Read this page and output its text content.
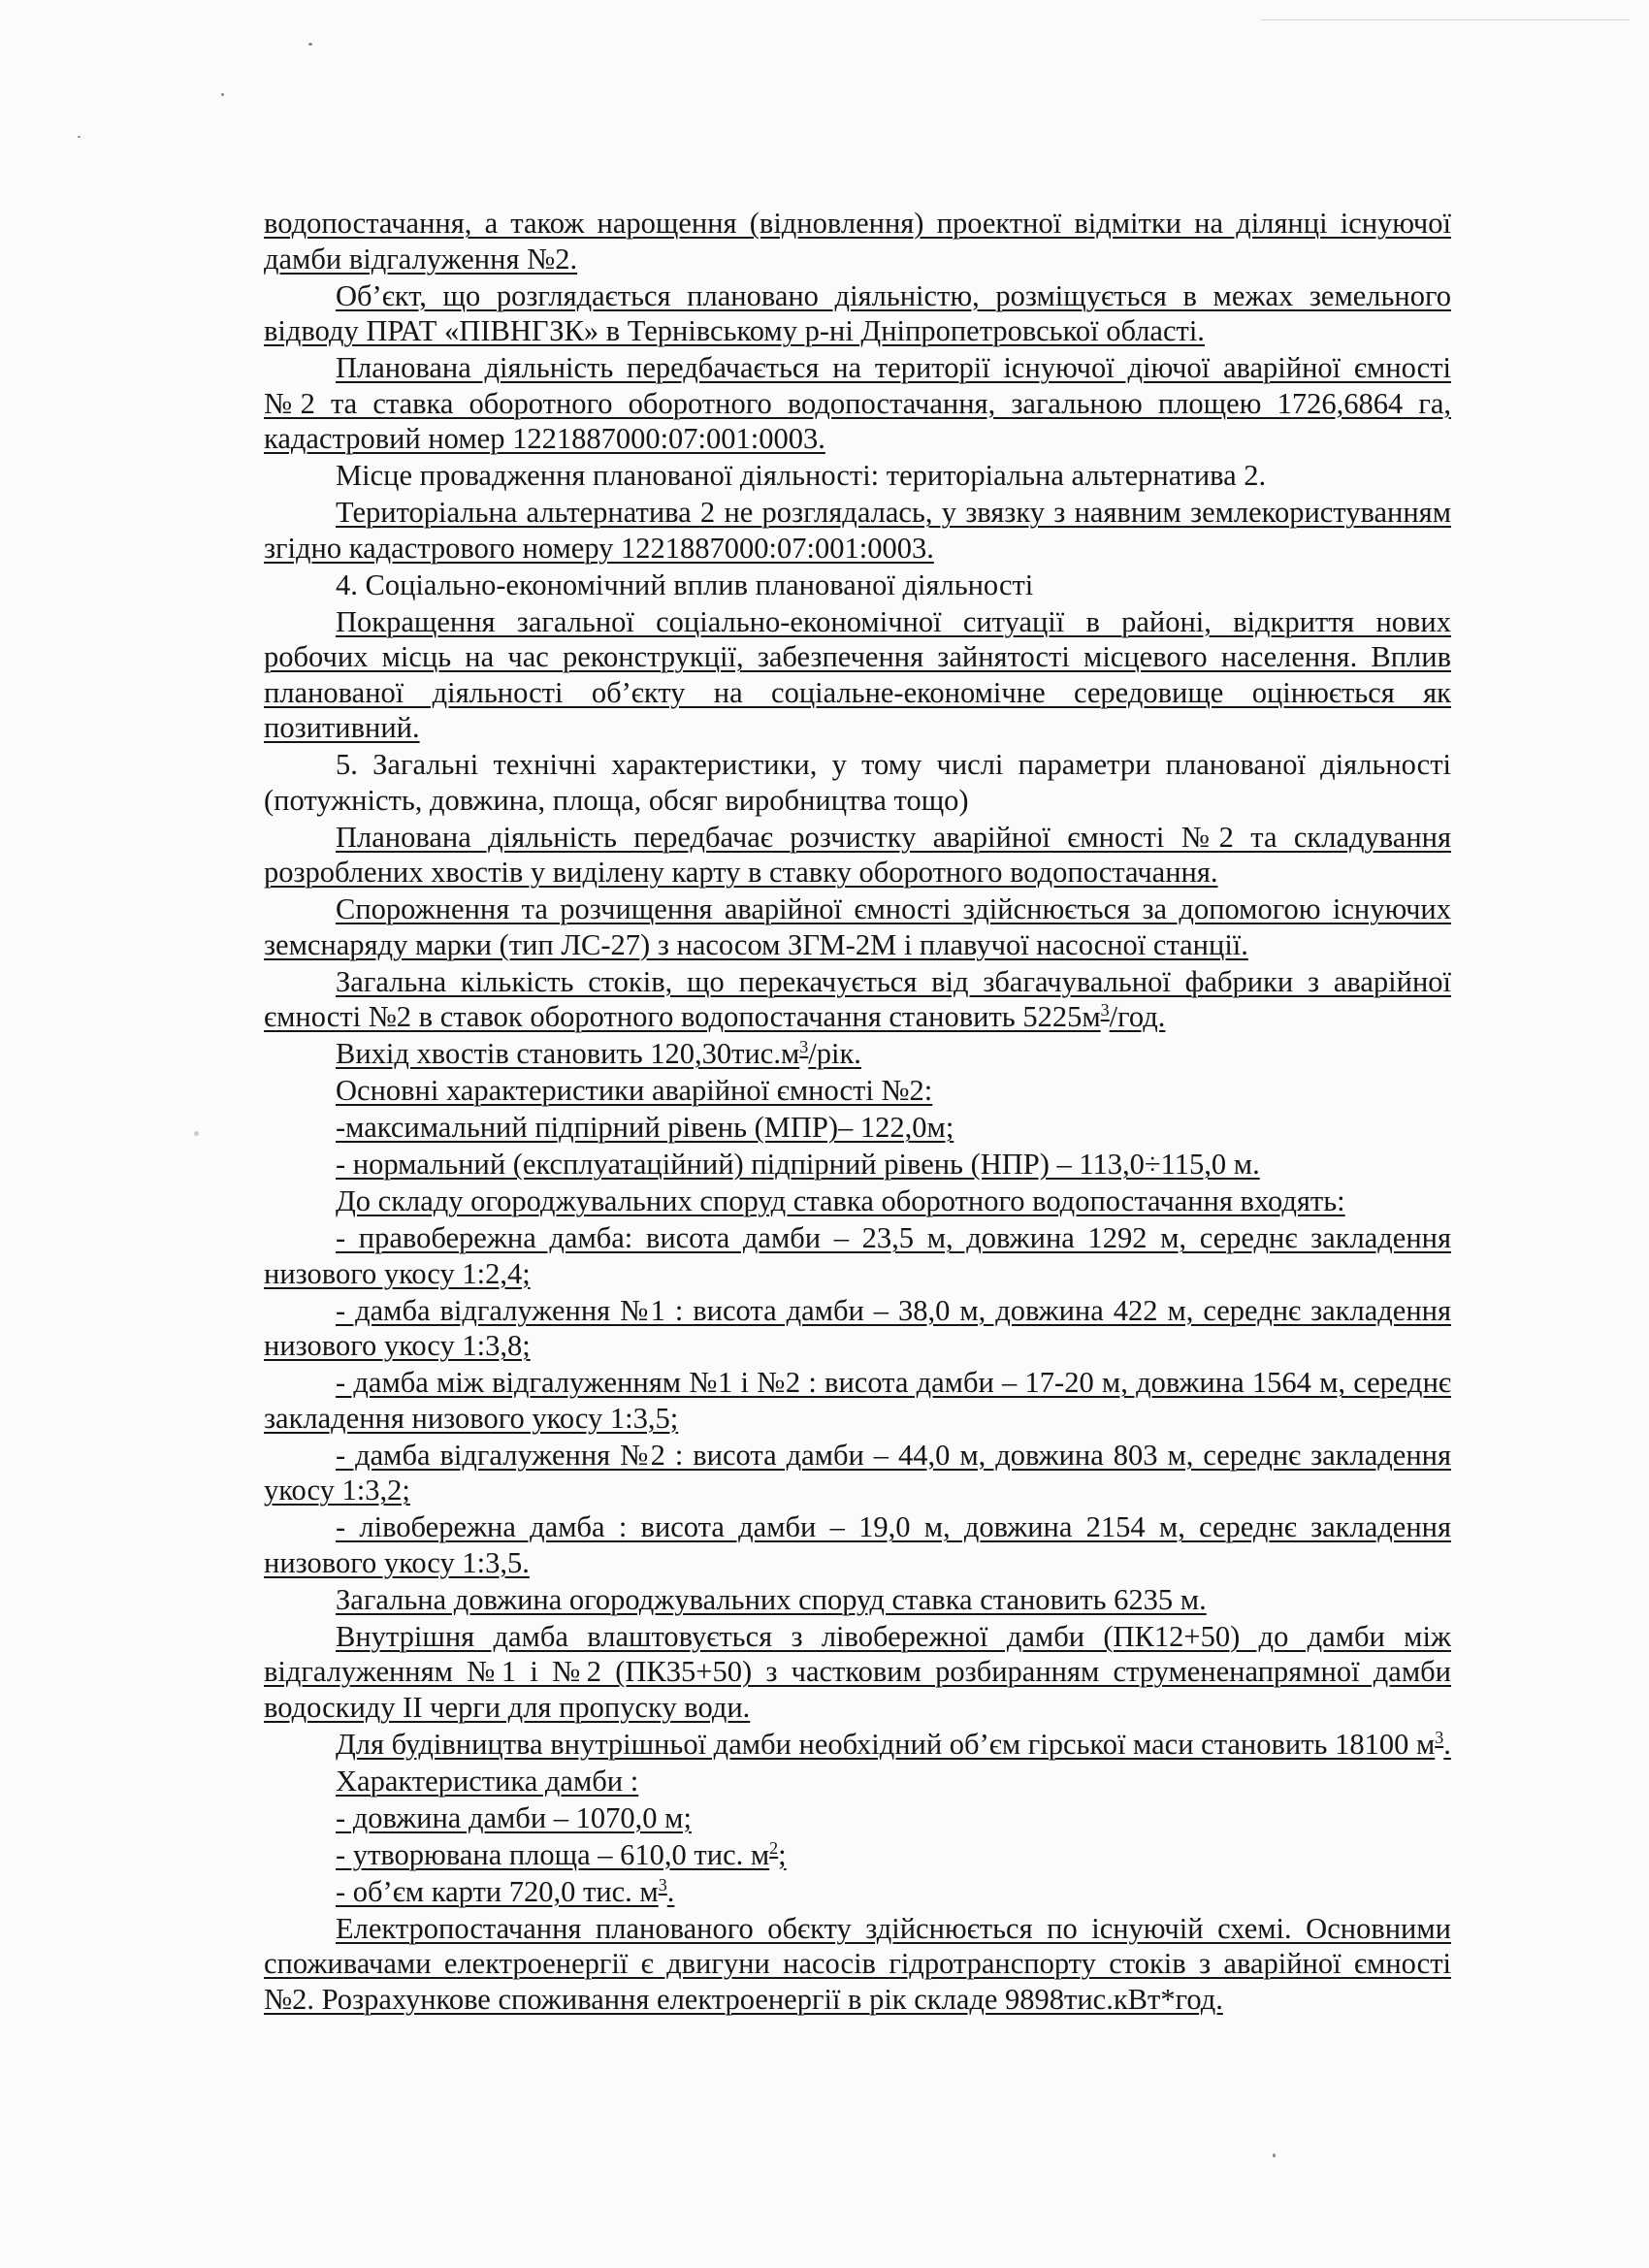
водопостачання, а також нарощення (відновлення) проектної відмітки на ділянці існуючої дамби відгалуження №2.
Об’єкт, що розглядається плановано діяльністю, розміщується в межах земельного відводу ПРАТ «ПІВНГЗК» в Тернівському р-ні Дніпропетровської області.
Планована діяльність передбачається на території існуючої діючої аварійної ємності №2 та ставка оборотного оборотного водопостачання, загальною площею 1726,6864 га, кадастровий номер 1221887000:07:001:0003.
Місце провадження планованої діяльності: територіальна альтернатива 2.
Територіальна альтернатива 2 не розглядалась, у звязку з наявним землекористуванням згідно кадастрового номеру 1221887000:07:001:0003.
4. Соціально-економічний вплив планованої діяльності
Покращення загальної соціально-економічної ситуації в районі, відкриття нових робочих місць на час реконструкції, забезпечення зайнятості місцевого населення. Вплив планованої діяльності об’єкту на соціальне-економічне середовище оцінюється як позитивний.
5. Загальні технічні характеристики, у тому числі параметри планованої діяльності (потужність, довжина, площа, обсяг виробництва тощо)
Планована діяльність передбачає розчистку аварійної ємності №2 та складування розроблених хвостів у виділену карту в ставку оборотного водопостачання.
Спорожнення та розчищення аварійної ємності здійснюється за допомогою існуючих земснаряду марки (тип ЛС-27) з насосом ЗГМ-2М і плавучої насосної станції.
Загальна кількість стоків, що перекачується від збагачувальної фабрики з аварійної ємності №2 в ставок оборотного водопостачання становить $5225м^3$/год.
Вихід хвостів становить $120,30тис.м^3$/рік.
Основні характеристики аварійної ємності №2:
-максимальний підпірний рівень (МПР)– 122,0м;
- нормальний (експлуатаційний) підпірний рівень (НПР) – 113,0÷115,0 м.
До складу огороджувальних споруд ставка оборотного водопостачання входять:
- правобережна дамба: висота дамби – 23,5 м, довжина 1292 м, середнє закладення низового укосу 1:2,4;
- дамба відгалуження №1 : висота дамби – 38,0 м, довжина 422 м, середнє закладення низового укосу 1:3,8;
- дамба між відгалуженням №1 і №2 : висота дамби – 17-20 м, довжина 1564 м, середнє закладення низового укосу 1:3,5;
- дамба відгалуження №2 : висота дамби – 44,0 м, довжина 803 м, середнє закладення укосу 1:3,2;
- лівобережна дамба : висота дамби – 19,0 м, довжина 2154 м, середнє закладення низового укосу 1:3,5.
Загальна довжина огороджувальних споруд ставка становить 6235 м.
Внутрішня дамба влаштовується з лівобережної дамби (ПК12+50) до дамби між відгалуженням №1 і №2 (ПК35+50) з частковим розбиранням струмененапрямної дамби водоскиду ІІ черги для пропуску води.
Для будівництва внутрішньої дамби необхідний об’єм гірської маси становить 18100 $м^3$.
Характеристика дамби :
- довжина дамби – 1070,0 м;
- утворювана площа – 610,0 тис. $м^2$;
- об’єм карти 720,0 тис. $м^3$.
Електропостачання планованого обєкту здійснюється по існуючій схемі. Основними споживачами електроенергії є двигуни насосів гідротранспорту стоків з аварійної ємності №2. Розрахункове споживання електроенергії в рік складе 9898тис.кВт*год.
